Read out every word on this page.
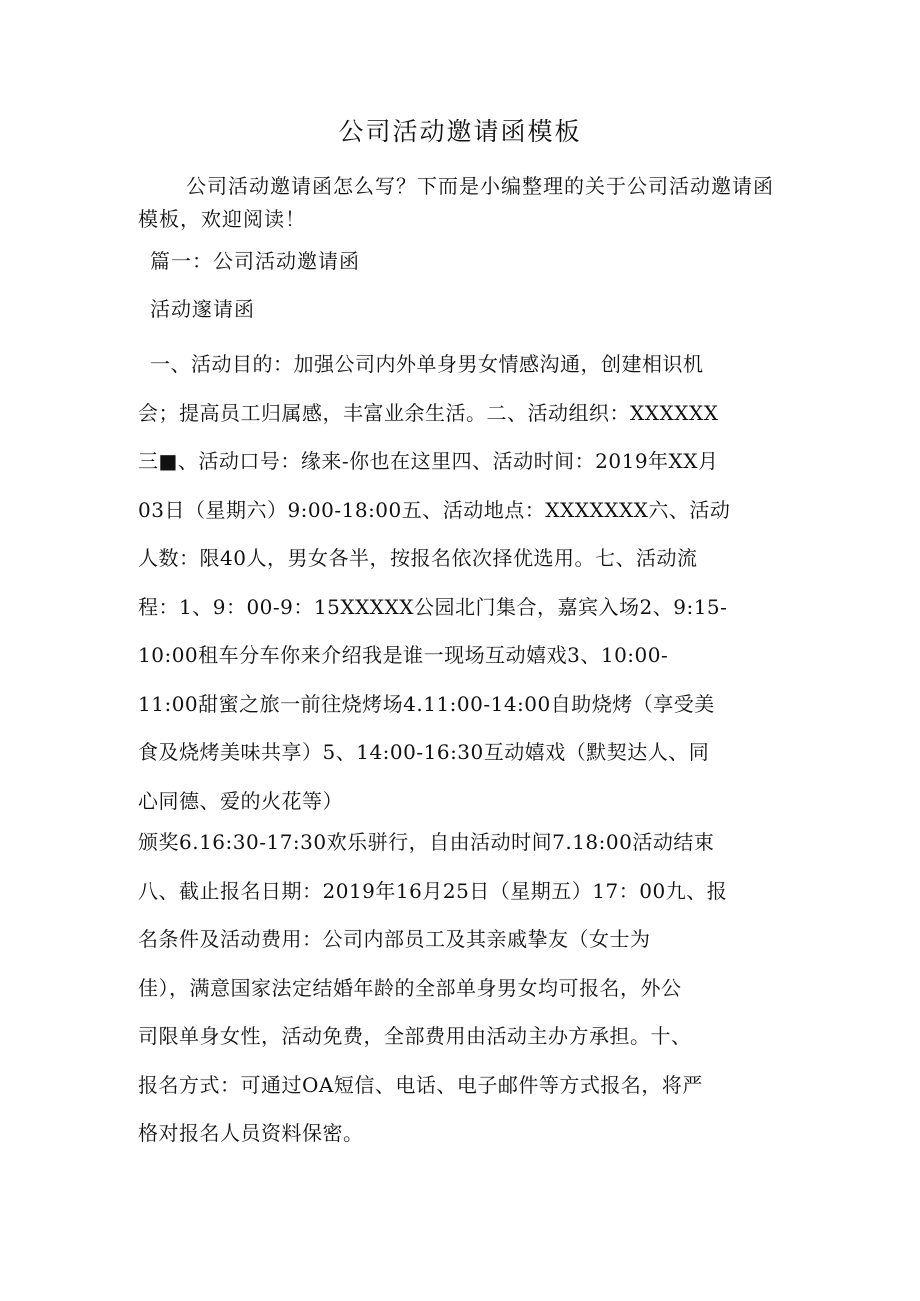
公司活动邀请函模板
公司活动邀请函怎么写？下而是小编整理的关于公司活动邀请函模板，欢迎阅读！
篇一：公司活动邀请函
活动邃请函
一、活动目的：加强公司内外单身男女情感沟通，创建相识机
会；提高员工归属感，丰富业余生活。二、活动组织：XXXXXX
三■、活动口号：缘来-你也在这里四、活动时间：2019年XX月
03日（星期六）9:00-18:00五、活动地点：XXXXXXX六、活动
人数：限40人，男女各半，按报名依次择优选用。七、活动流
程：1、9：00-9：15XXXXX公园北门集合，嘉宾入场2、9:15-
10:00租车分车你来介绍我是谁一现场互动嬉戏3、10:00-
11:00甜蜜之旅一前往烧烤场4.11:00-14:00自助烧烤（享受美
食及烧烤美味共享）5、14:00-16:30互动嬉戏（默契达人、同
心同德、爱的火花等）
颁奖6.16:30-17:30欢乐骈行，自由活动时间7.18:00活动结束
八、截止报名日期：2019年16月25日（星期五）17：00九、报
名条件及活动费用：公司内部员工及其亲戚挚友（女士为
佳），满意国家法定结婚年龄的全部单身男女均可报名，外公
司限单身女性，活动免费，全部费用由活动主办方承担。十、
报名方式：可通过OA短信、电话、电子邮件等方式报名，将严
格对报名人员资料保密。
